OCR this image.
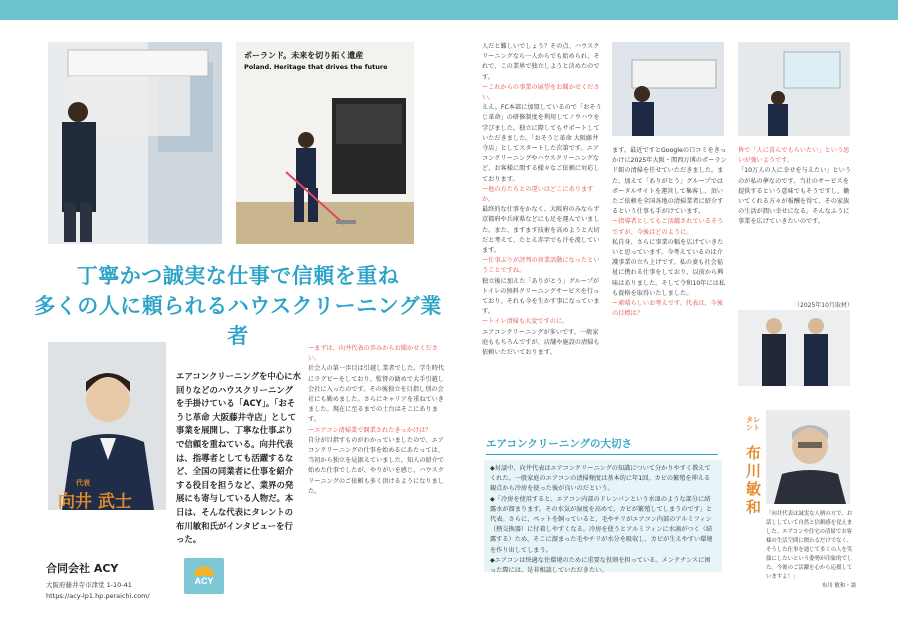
ポーランド。未来を切り拓く遺産
Poland. Heritage that drives the future
丁寧かつ誠実な仕事で信頼を重ね
多くの人に頼られるハウスクリーニング業者
代表
向井 武士
エアコンクリーニングを中心に水回りなどのハウスクリーニングを手掛けている「ACY」。「おそうじ革命 大阪藤井寺店」として事業を展開し、丁寧な仕事ぶりで信頼を重ねている。向井代表は、指導者としても活躍するなど、全国の同業者に仕事を紹介する役目を担うなど、業界の発展にも寄与している人物だ。本日は、そんな代表にタレントの布川敏和氏がインタビューを行った。
合同会社 ACY
大阪府藤井寺市津堂 1-10-41
https://acy-lp1.hp.peraichi.com/
ACY

ーまずは、向井代表の歩みからお聞かせください。

社会人の第一歩目は引越し業者でした。学生時代にラグビーをしており、監督の勧めで大手引越し会社に入ったのです。その後独立を目指し別の会社にも勤めました。さらにキャリアを重ねていきました。現在に至るまでの土台はそこにあります。

ーエアコン清掃業で開業されたきっかけは？

自分が目指すものがわかっていましたので、エアコンクリーニングの仕事を始めるにあたっては、当初から独立を見据えていました。知人の紹介で始めた仕事でしたが、やりがいを感じ、ハウスクリーニングのご依頼も多く頂けるようになりました。

人だと難しいでしょう？その点、ハウスクリーニングなら一人からでも始められ、それで、この業界で独立しようと決めたのです。

ーこれからの事業の展望をお聞かせください。

ええ。FC本部に加盟しているので「おそうじ革命」の研修制度を利用してノウハウを学びました。独立に際してもサポートしていただきました。「おそうじ革命 大阪藤井寺店」としてスタートした次第です。エアコンクリーニングやハウスクリーニングなど、お客様に関する様々なご依頼に対応しております。

ー他の方たちとの違いはどこにありますか。

最終的な仕事をかなく、大阪府のみならず京都府や兵庫県などにも足を運んでいました。また、ますます技術を高めようと大切だと考えて、たとえ赤字でも汗を流しています。

ー仕事ぶりが評判の営業活動になったということですね。

独立後に加えた「ありがとう」グループがトイレの無料クリーニングサービスを行っており、それも今を生かす事になっています。

ートイレ清掃も大変ですのに。

エアコンクリーニングが多いです。一般家庭ももちろんですが、店舗や施設の清掃も依頼いただいております。

ます。最近ですとGoogleの口コミをきっかけに2025年大阪・関西万博のポーランド館の清掃を任せていただきました。また、加えて「ありがとう」グループではポータルサイトを運営して集客し、頂いたご依頼を全国各地の清掃業者に紹介するという仕事も手がけています。

ー指導者としてもご活躍されているそうですが、今後はどのように。

私自身、さらに事業の幅を広げていきたいと思っています。今考えているのは介護事業の立ち上げです。私の妻も社会福祉に携わる仕事をしており、以前から興味はありました。そして令和10年には私も資格を取得いたしました。

ー素晴らしいお考えです。代表は、今後の目標は？

皆で「人に喜んでもらいたい」という思いが強いようです。

「10万人の人に幸せを与えたい」というのが私の夢なのです。当社のサービスを提供するという意味でもそうですし、働いてくれる方々が報酬を得て、その家族の生活が潤い幸せになる。そんなふうに事業を広げていきたいのです。

（2025年10月取材）
タレント
布川 敏和 「向井代表は誠実な人柄の方で、お話ししていて自然と信頼感を覚えました。エアコンや住宅の清掃でお客様の生活空間に関わるだけでなく、そうした仕事を通じて多くの人を笑顔にしたいという姿勢が印象的でした。今後のご活躍を心から応援していますよ！」
布川 敏和・談
エアコンクリーニングの大切さ
◆対談中、向井代表はエアコンクリーニングの知識について分かりやすく教えてくれた。一般家庭のエアコンの清掃頻度は基本的に年1回。カビの繁殖を抑える観点から冷房を使った後が良いのだという。
◆「冷房を使用すると、エアコン内部のドレンパンという水皿のような部分に結露水が溜まります。その水気が湿度を高めて、カビが繁殖してしまうのです」と代表。さらに、ペットを飼っていると、毛やチリがエアコン内部のアルミフィン（熱交換器）に付着しやすくなる。冷房を使うとアルミフィンに水滴がつく（結露する）ため、そこに溜まった毛やチリが水分を吸収し、カビが生えやすい環境を作り出してしまう。
◆エアコンは快適な住環境のために重要な役割を担っている。メンテナンスに困った際には、是非相談していただきたい。
